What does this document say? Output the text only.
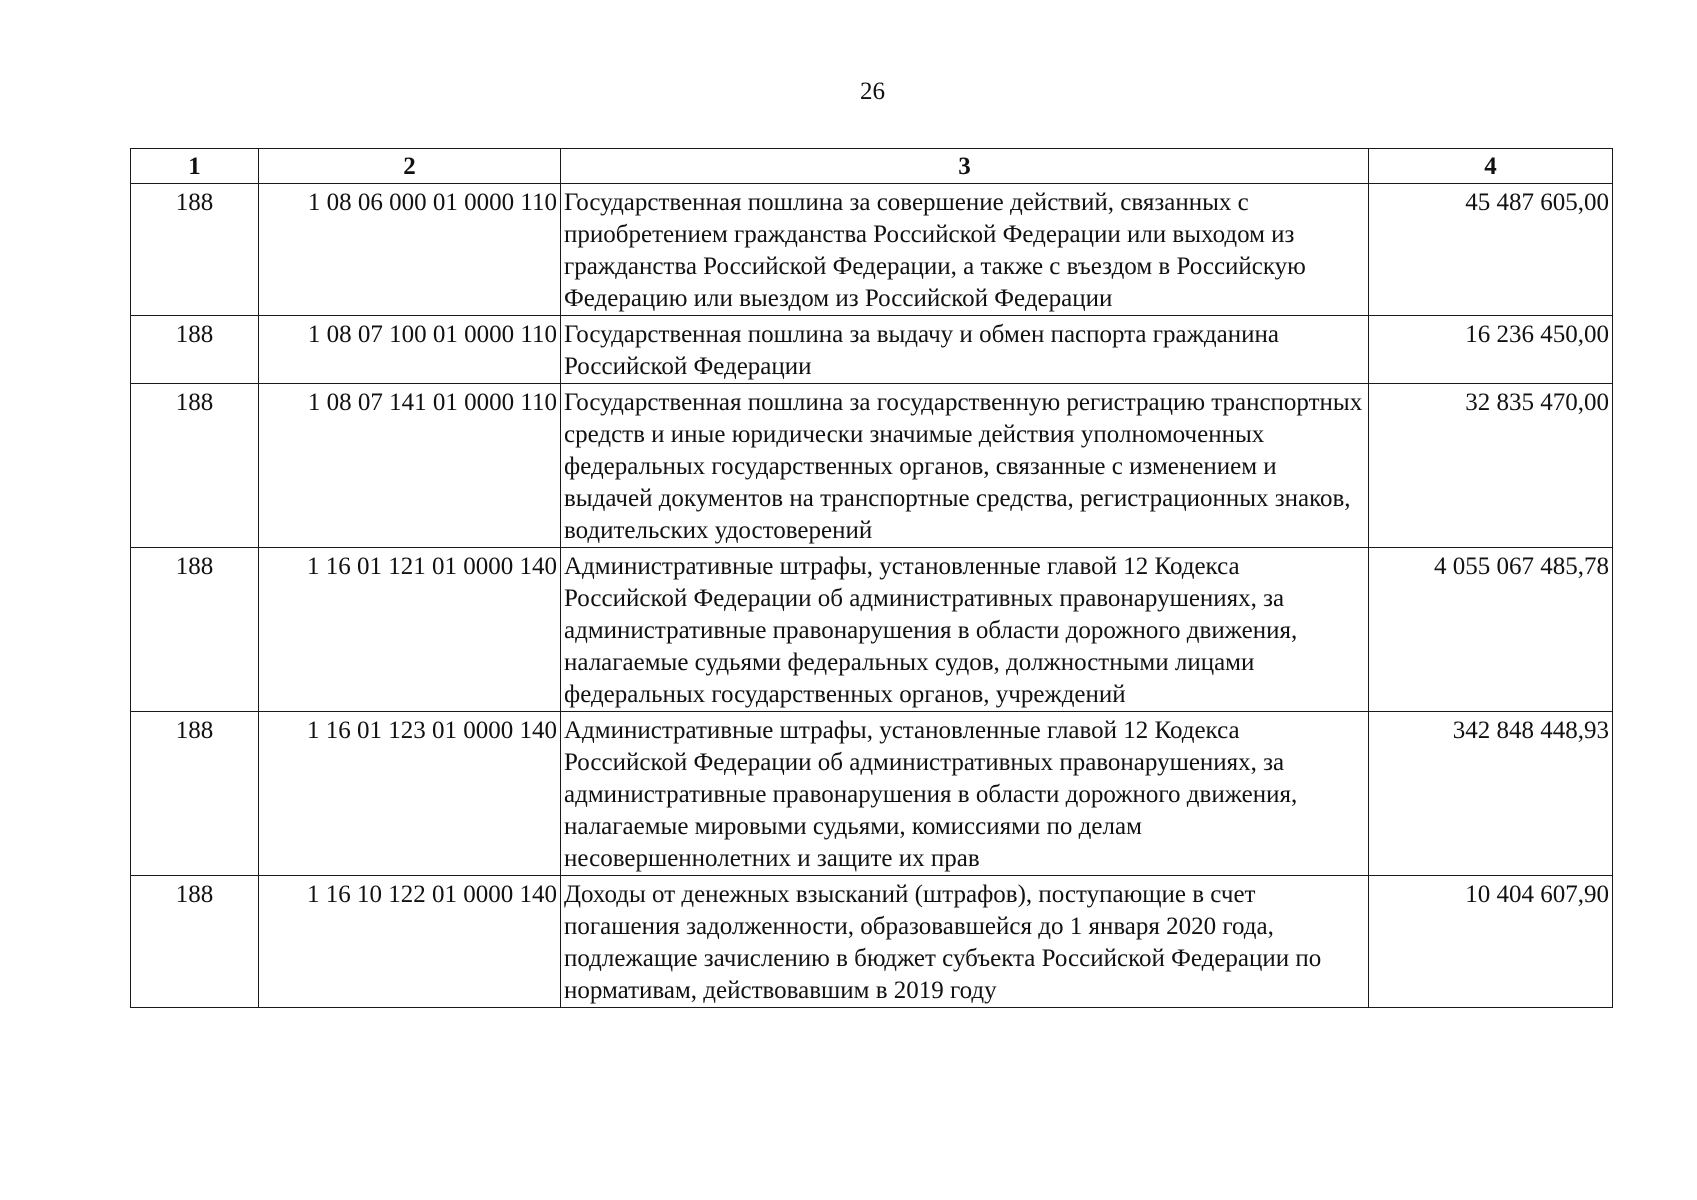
26
1	2	3	4
188	1 08 06 000 01 0000 110	Государственная пошлина за совершение действий, связанных с приобретением гражданства Российской Федерации или выходом из гражданства Российской Федерации, а также с въездом в Российскую Федерацию или выездом из Российской Федерации	45 487 605,00
188	1 08 07 100 01 0000 110	Государственная пошлина за выдачу и обмен паспорта гражданина Российской Федерации	16 236 450,00
188	1 08 07 141 01 0000 110	Государственная пошлина за государственную регистрацию транспортных средств и иные юридически значимые действия уполномоченных федеральных государственных органов, связанные с изменением и выдачей документов на транспортные средства, регистрационных знаков, водительских удостоверений	32 835 470,00
188	1 16 01 121 01 0000 140	Административные штрафы, установленные главой 12 Кодекса Российской Федерации об административных правонарушениях, за административные правонарушения в области дорожного движения, налагаемые судьями федеральных судов, должностными лицами федеральных государственных органов, учреждений	4 055 067 485,78
188	1 16 01 123 01 0000 140	Административные штрафы, установленные главой 12 Кодекса Российской Федерации об административных правонарушениях, за административные правонарушения в области дорожного движения, налагаемые мировыми судьями, комиссиями по делам несовершеннолетних и защите их прав	342 848 448,93
188	1 16 10 122 01 0000 140	Доходы от денежных взысканий (штрафов), поступающие в счет погашения задолженности, образовавшейся до 1 января 2020 года, подлежащие зачислению в бюджет субъекта Российской Федерации по нормативам, действовавшим в 2019 году	10 404 607,90
